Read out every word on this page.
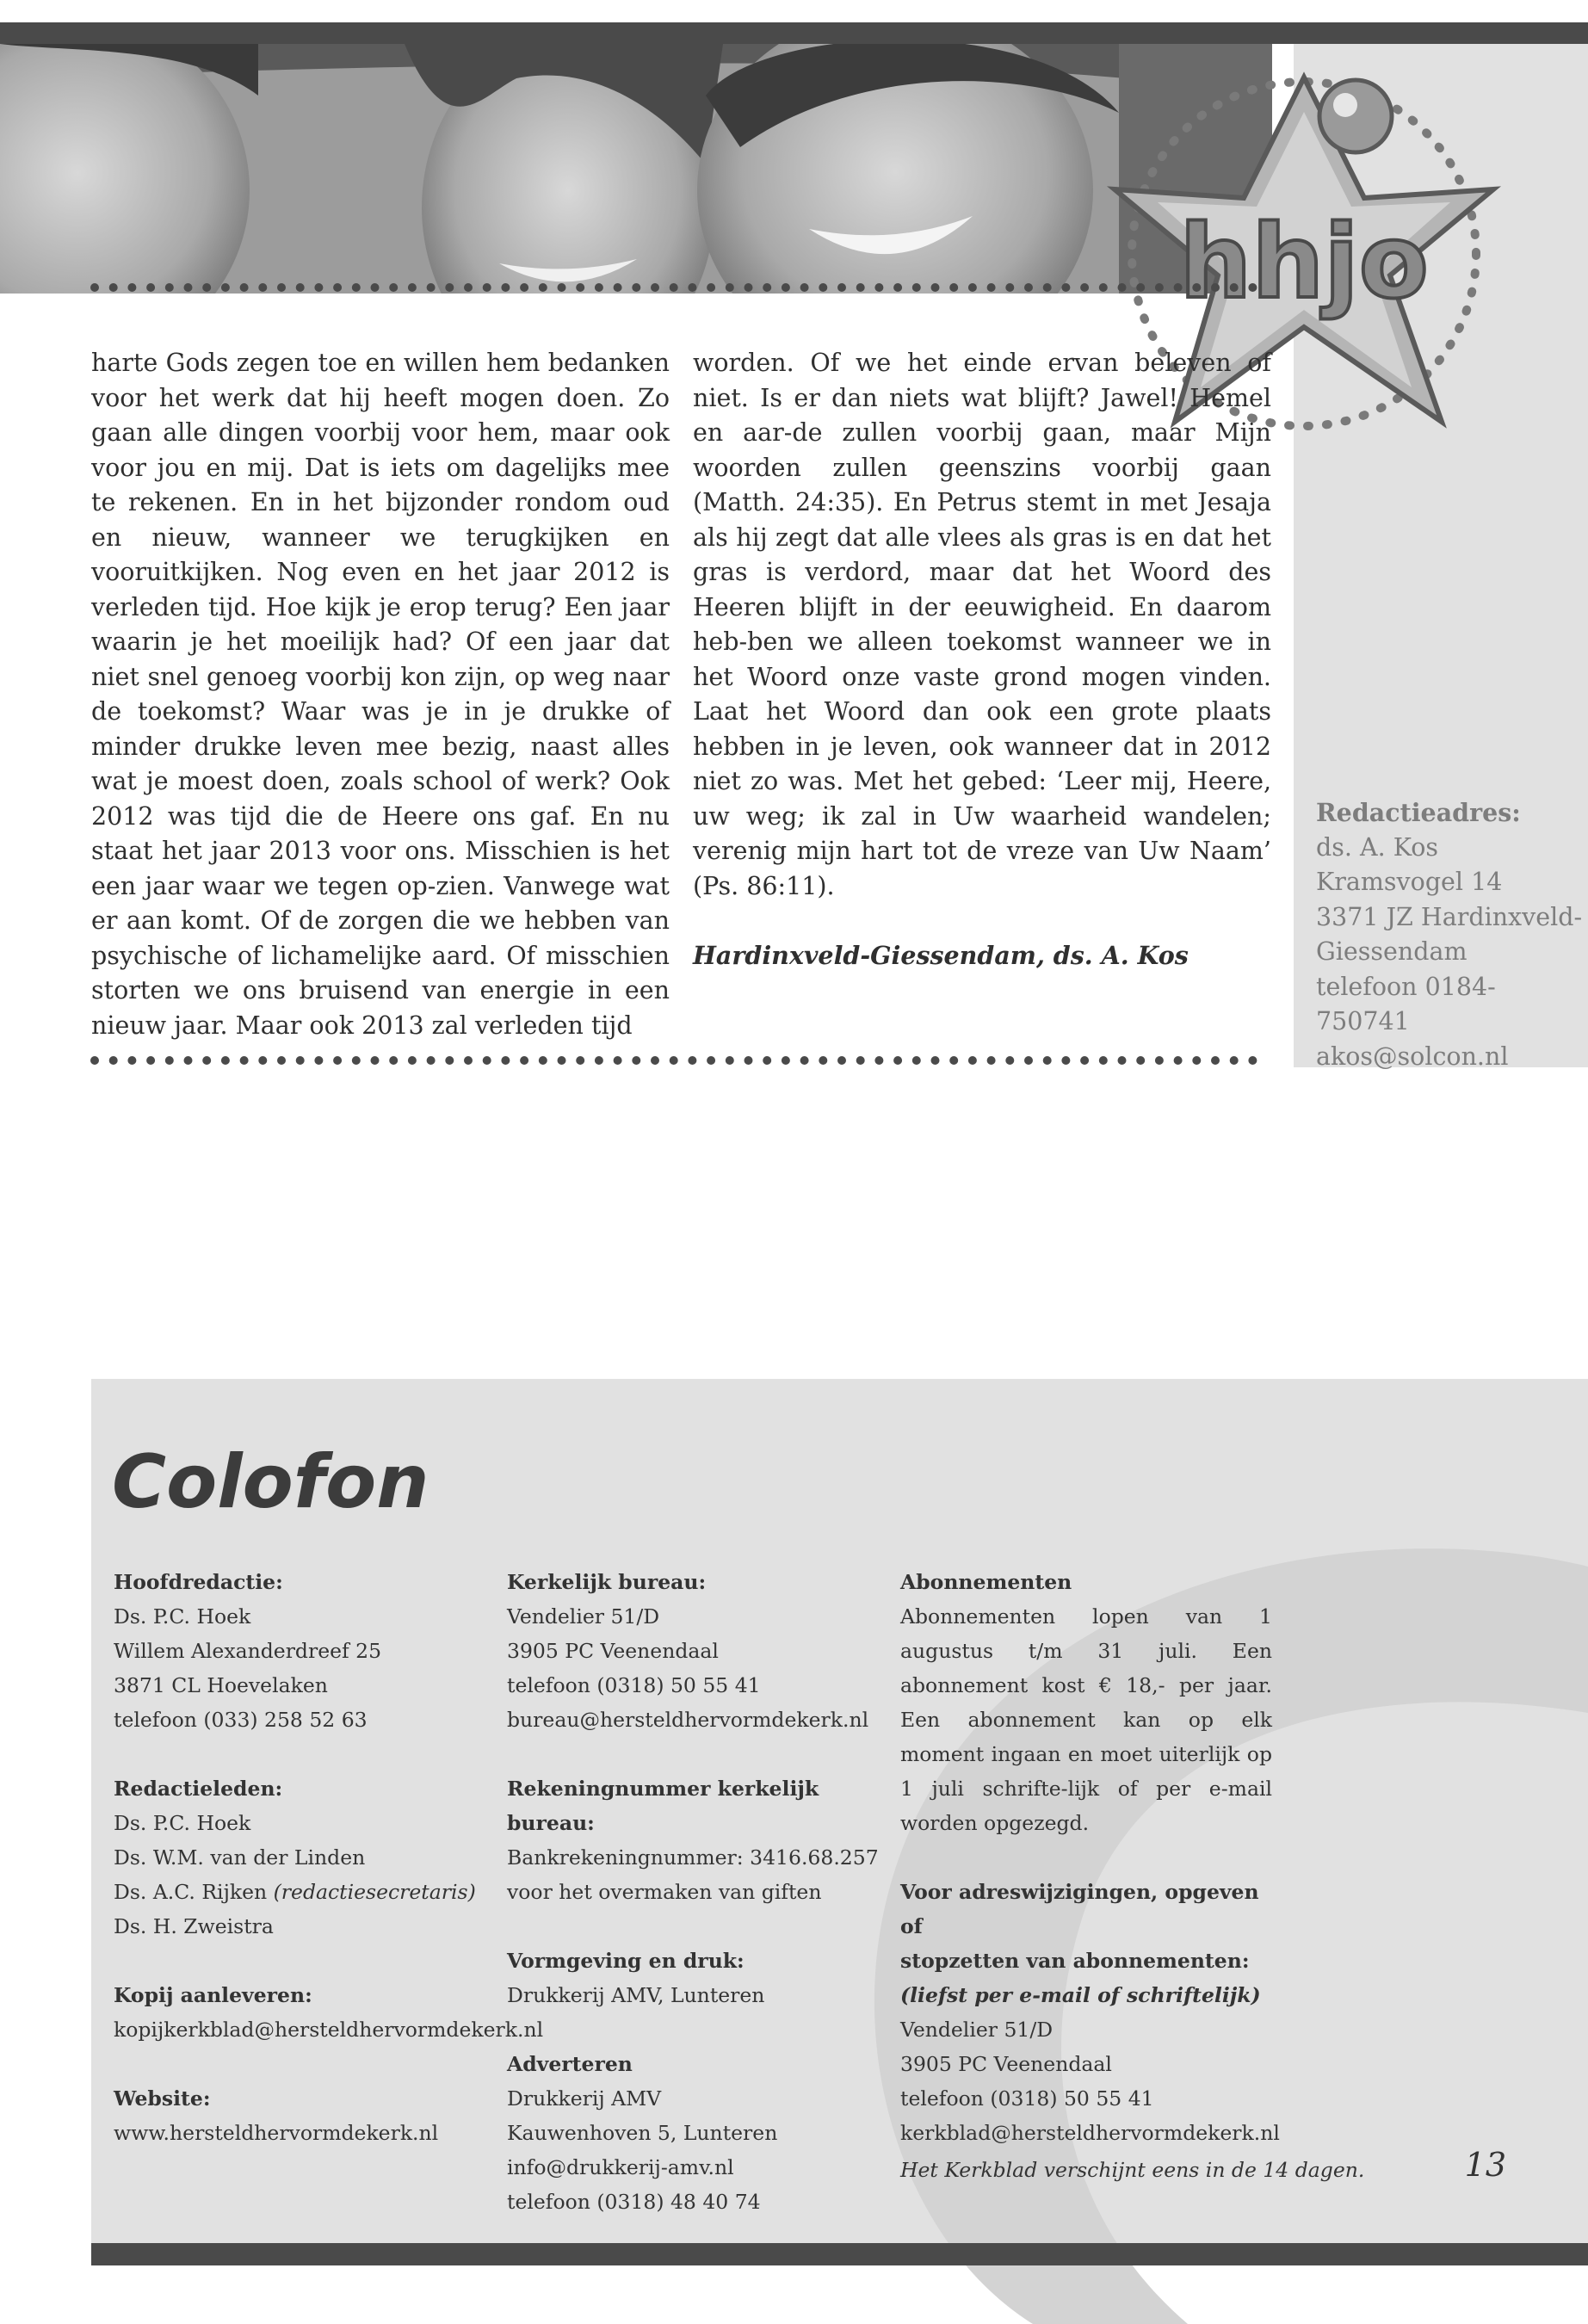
hhjo

harte Gods zegen toe en willen hem bedanken voor het werk dat hij heeft mogen doen. Zo gaan alle dingen voorbij voor hem, maar ook voor jou en mij. Dat is iets om dagelijks mee te rekenen. En in het bijzonder rondom oud en nieuw, wanneer we terugkijken en vooruitkijken. Nog even en het jaar 2012 is verleden tijd. Hoe kijk je erop terug? Een jaar waarin je het moeilijk had? Of een jaar dat niet snel genoeg voorbij kon zijn, op weg naar de toekomst? Waar was je in je drukke of minder drukke leven mee bezig, naast alles wat je moest doen, zoals school of werk? Ook 2012 was tijd die de Heere ons gaf. En nu staat het jaar 2013 voor ons. Misschien is het een jaar waar we tegen op-zien. Vanwege wat er aan komt. Of de zorgen die we hebben van psychische of lichamelijke aard. Of misschien storten we ons bruisend van energie in een nieuw jaar. Maar ook 2013 zal verleden tijd

worden. Of we het einde ervan beleven of niet. Is er dan niets wat blijft? Jawel! Hemel en aar-de zullen voorbij gaan, maar Mijn woorden zullen geenszins voorbij gaan (Matth. 24:35). En Petrus stemt in met Jesaja als hij zegt dat alle vlees als gras is en dat het gras is verdord, maar dat het Woord des Heeren blijft in der eeuwigheid. En daarom heb-ben we alleen toekomst wanneer we in het Woord onze vaste grond mogen vinden. Laat het Woord dan ook een grote plaats hebben in je leven, ook wanneer dat in 2012 niet zo was. Met het gebed: ‘Leer mij, Heere, uw weg; ik zal in Uw waarheid wandelen; verenig mijn hart tot de vreze van Uw Naam’ (Ps. 86:11).

Hardinxveld-Giessendam, ds. A. Kos

Redactieadres:
ds. A. Kos
Kramsvogel 14
3371 JZ Hardinxveld-
Giessendam
telefoon 0184-750741
akos@solcon.nl
Colofon
Hoofdredactie:
Ds. P.C. Hoek
Willem Alexanderdreef 25
3871 CL Hoevelaken
telefoon (033) 258 52 63
Redactieleden:
Ds. P.C. Hoek
Ds. W.M. van der Linden
Ds. A.C. Rijken (redactiesecretaris)
Ds. H. Zweistra
Kopij aanleveren:
kopijkerkblad@hersteldhervormdekerk.nl
Website:
www.hersteldhervormdekerk.nl
Kerkelijk bureau:
Vendelier 51/D
3905 PC Veenendaal
telefoon (0318) 50 55 41
bureau@hersteldhervormdekerk.nl
Rekeningnummer kerkelijk bureau:
Bankrekeningnummer: 3416.68.257
voor het overmaken van giften
Vormgeving en druk:
Drukkerij AMV, Lunteren
Adverteren
Drukkerij AMV
Kauwenhoven 5, Lunteren
info@drukkerij-amv.nl
telefoon (0318) 48 40 74
Abonnementen
Abonnementen lopen van 1 augustus t/m 31 juli. Een abonnement kost € 18,- per jaar. Een abonnement kan op elk moment ingaan en moet uiterlijk op 1 juli schrifte-lijk of per e-mail worden opgezegd.
Voor adreswijzigingen, opgeven of
stopzetten van abonnementen:
(liefst per e-mail of schriftelijk)
Vendelier 51/D
3905 PC Veenendaal
telefoon (0318) 50 55 41
kerkblad@hersteldhervormdekerk.nl
Het Kerkblad verschijnt eens in de 14 dagen.	13
